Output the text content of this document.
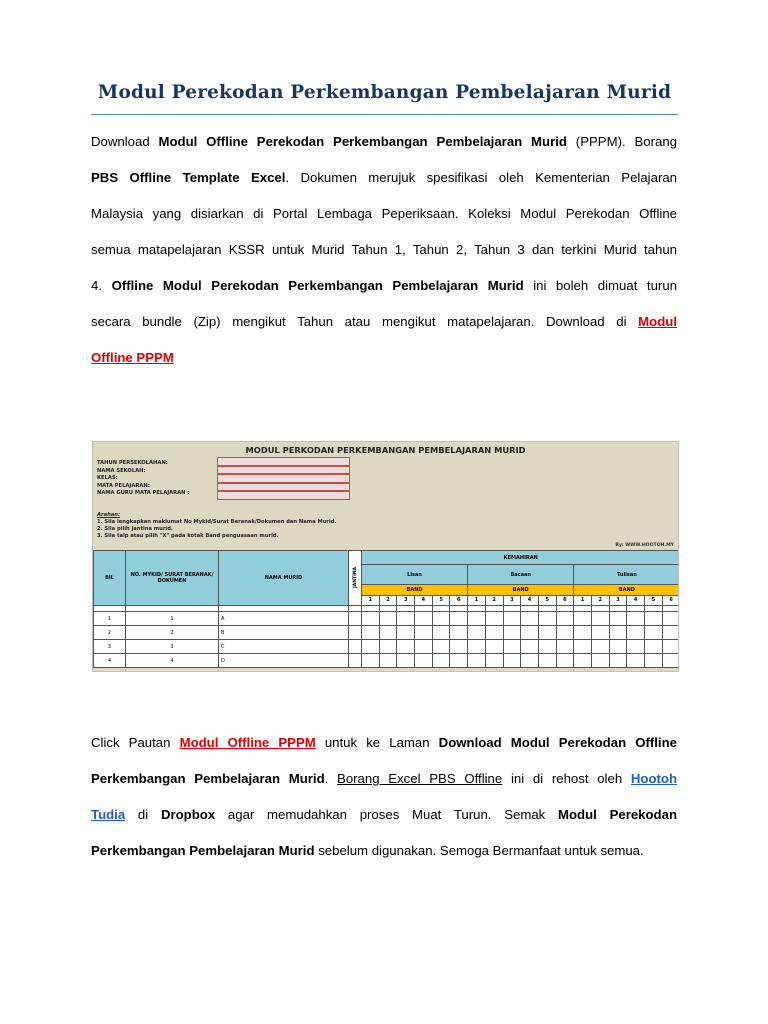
Modul Perekodan Perkembangan Pembelajaran Murid
Download Modul Offline Perekodan Perkembangan Pembelajaran Murid (PPPM). Borang
PBS Offline Template Excel. Dokumen merujuk spesifikasi oleh Kementerian Pelajaran
Malaysia yang disiarkan di Portal Lembaga Peperiksaan. Koleksi Modul Perekodan Offline
semua matapelajaran KSSR untuk Murid Tahun 1, Tahun 2, Tahun 3 dan terkini Murid tahun
4. Offline Modul Perekodan Perkembangan Pembelajaran Murid ini boleh dimuat turun
secara bundle (Zip) mengikut Tahun atau mengikut matapelajaran. Download di Modul
Offline PPPM
MODUL PERKODAN PERKEMBANGAN PEMBELAJARAN MURID
TAHUN PERSEKOLAHAN:
NAMA SEKOLAH:
KELAS:
MATA PELAJARAN:
NAMA GURU MATA PELAJARAN :
Arahan:
1. Sila lengkapkan maklumat No Mykid/Surat Beranak/Dokumen dan Nama Murid.
2. Sila pilih jantina murid.
3. Sila taip atau pilih "X" pada kotak Band penguasaan murid.
By: WWW.HOOTOH.MY
BIL	NO. MYKID/ SURAT BERANAK/ DOKUMEN	NAMA MURID	JANTINA	KEMAHIRAN																	
				Lisan						Bacaan						Tulisan					
				BAND						BAND						BAND					
				1	2	3	4	5	6	1	2	3	4	5	6	1	2	3	4	5	6

1	1	A																			
2	2	B																			
3	3	C																			
4	4	D																			
Click Pautan Modul Offline PPPM untuk ke Laman Download Modul Perekodan Offline
Perkembangan Pembelajaran Murid. Borang Excel PBS Offline ini di rehost oleh Hootoh
Tudia di Dropbox agar memudahkan proses Muat Turun. Semak Modul Perekodan
Perkembangan Pembelajaran Murid sebelum digunakan. Semoga Bermanfaat untuk semua.
